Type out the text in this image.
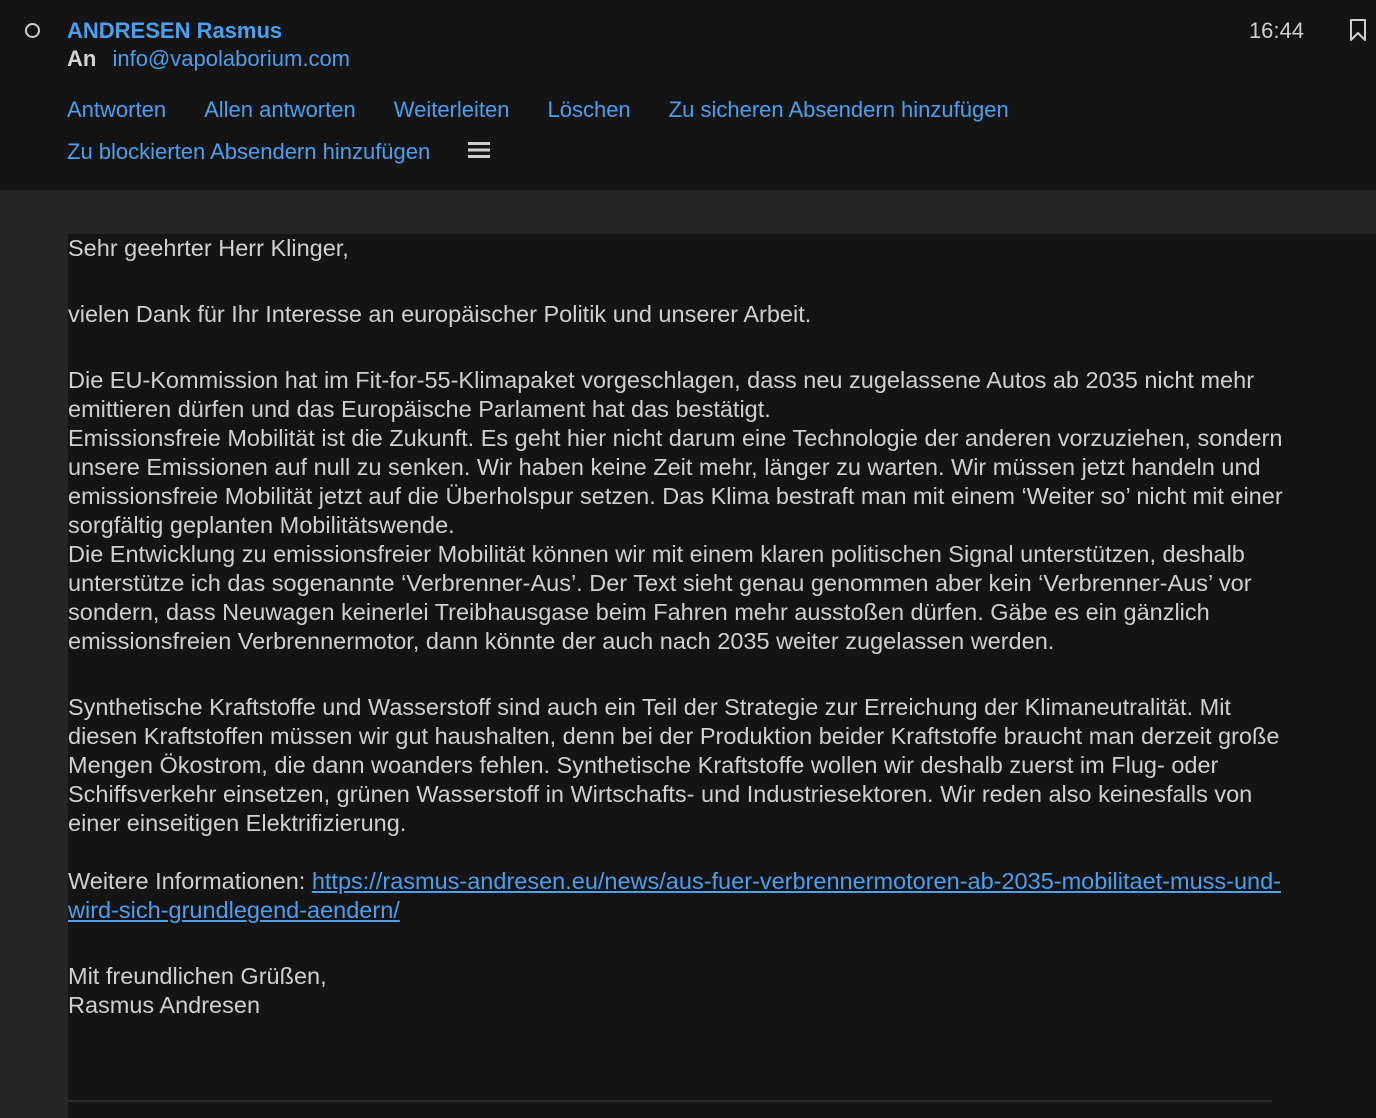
ANDRESEN Rasmus
An info@vapolaborium.com
16:44
Antworten Allen antworten Weiterleiten Löschen Zu sicheren Absendern hinzufügenZu blockierten Absendern hinzufügen

Sehr geehrter Herr Klinger,

vielen Dank für Ihr Interesse an europäischer Politik und unserer Arbeit.

Die EU-Kommission hat im Fit-for-55-Klimapaket vorgeschlagen, dass neu zugelassene Autos ab 2035 nicht mehr emittieren dürfen und das Europäische Parlament hat das bestätigt.

Emissionsfreie Mobilität ist die Zukunft. Es geht hier nicht darum eine Technologie der anderen vorzuziehen, sondern unsere Emissionen auf null zu senken. Wir haben keine Zeit mehr, länger zu warten. Wir müssen jetzt handeln und emissionsfreie Mobilität jetzt auf die Überholspur setzen. Das Klima bestraft man mit einem ‘Weiter so’ nicht mit einer sorgfältig geplanten Mobilitätswende.

Die Entwicklung zu emissionsfreier Mobilität können wir mit einem klaren politischen Signal unterstützen, deshalb unterstütze ich das sogenannte ‘Verbrenner-Aus’. Der Text sieht genau genommen aber kein ‘Verbrenner-Aus’ vor sondern, dass Neuwagen keinerlei Treibhausgase beim Fahren mehr ausstoßen dürfen. Gäbe es ein gänzlich emissionsfreien Verbrennermotor, dann könnte der auch nach 2035 weiter zugelassen werden.

Synthetische Kraftstoffe und Wasserstoff sind auch ein Teil der Strategie zur Erreichung der Klimaneutralität. Mit diesen Kraftstoffen müssen wir gut haushalten, denn bei der Produktion beider Kraftstoffe braucht man derzeit große Mengen Ökostrom, die dann woanders fehlen. Synthetische Kraftstoffe wollen wir deshalb zuerst im Flug- oder Schiffsverkehr einsetzen, grünen Wasserstoff in Wirtschafts- und Industriesektoren. Wir reden also keinesfalls von einer einseitigen Elektrifizierung.

Weitere Informationen: https://rasmus-andresen.eu/news/aus-fuer-verbrennermotoren-ab-2035-mobilitaet-muss-und-wird-sich-grundlegend-aendern/

Mit freundlichen Grüßen,

Rasmus Andresen
